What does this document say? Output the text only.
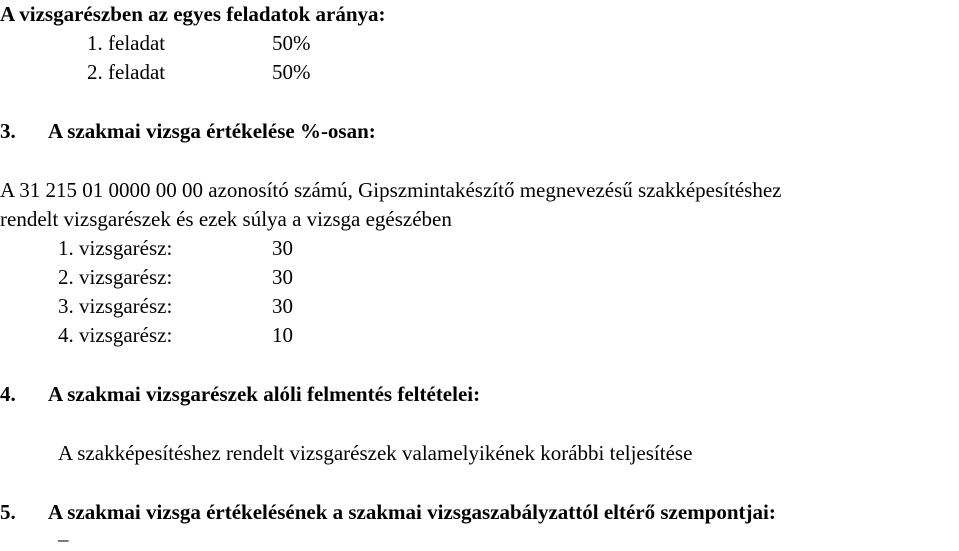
A vizsgarészben az egyes feladatok aránya:
1. feladat	50%
2. feladat	50%
3. A szakmai vizsga értékelése %-osan:
A 31 215 01 0000 00 00 azonosító számú, Gipszmintakészítő megnevezésű szakképesítéshez
rendelt vizsgarészek és ezek súlya a vizsga egészében
1. vizsgarész:	30
2. vizsgarész:	30
3. vizsgarész:	30
4. vizsgarész:	10
4. A szakmai vizsgarészek alóli felmentés feltételei:
A szakképesítéshez rendelt vizsgarészek valamelyikének korábbi teljesítése
5. A szakmai vizsga értékelésének a szakmai vizsgaszabályzattól eltérő szempontjai:
–
